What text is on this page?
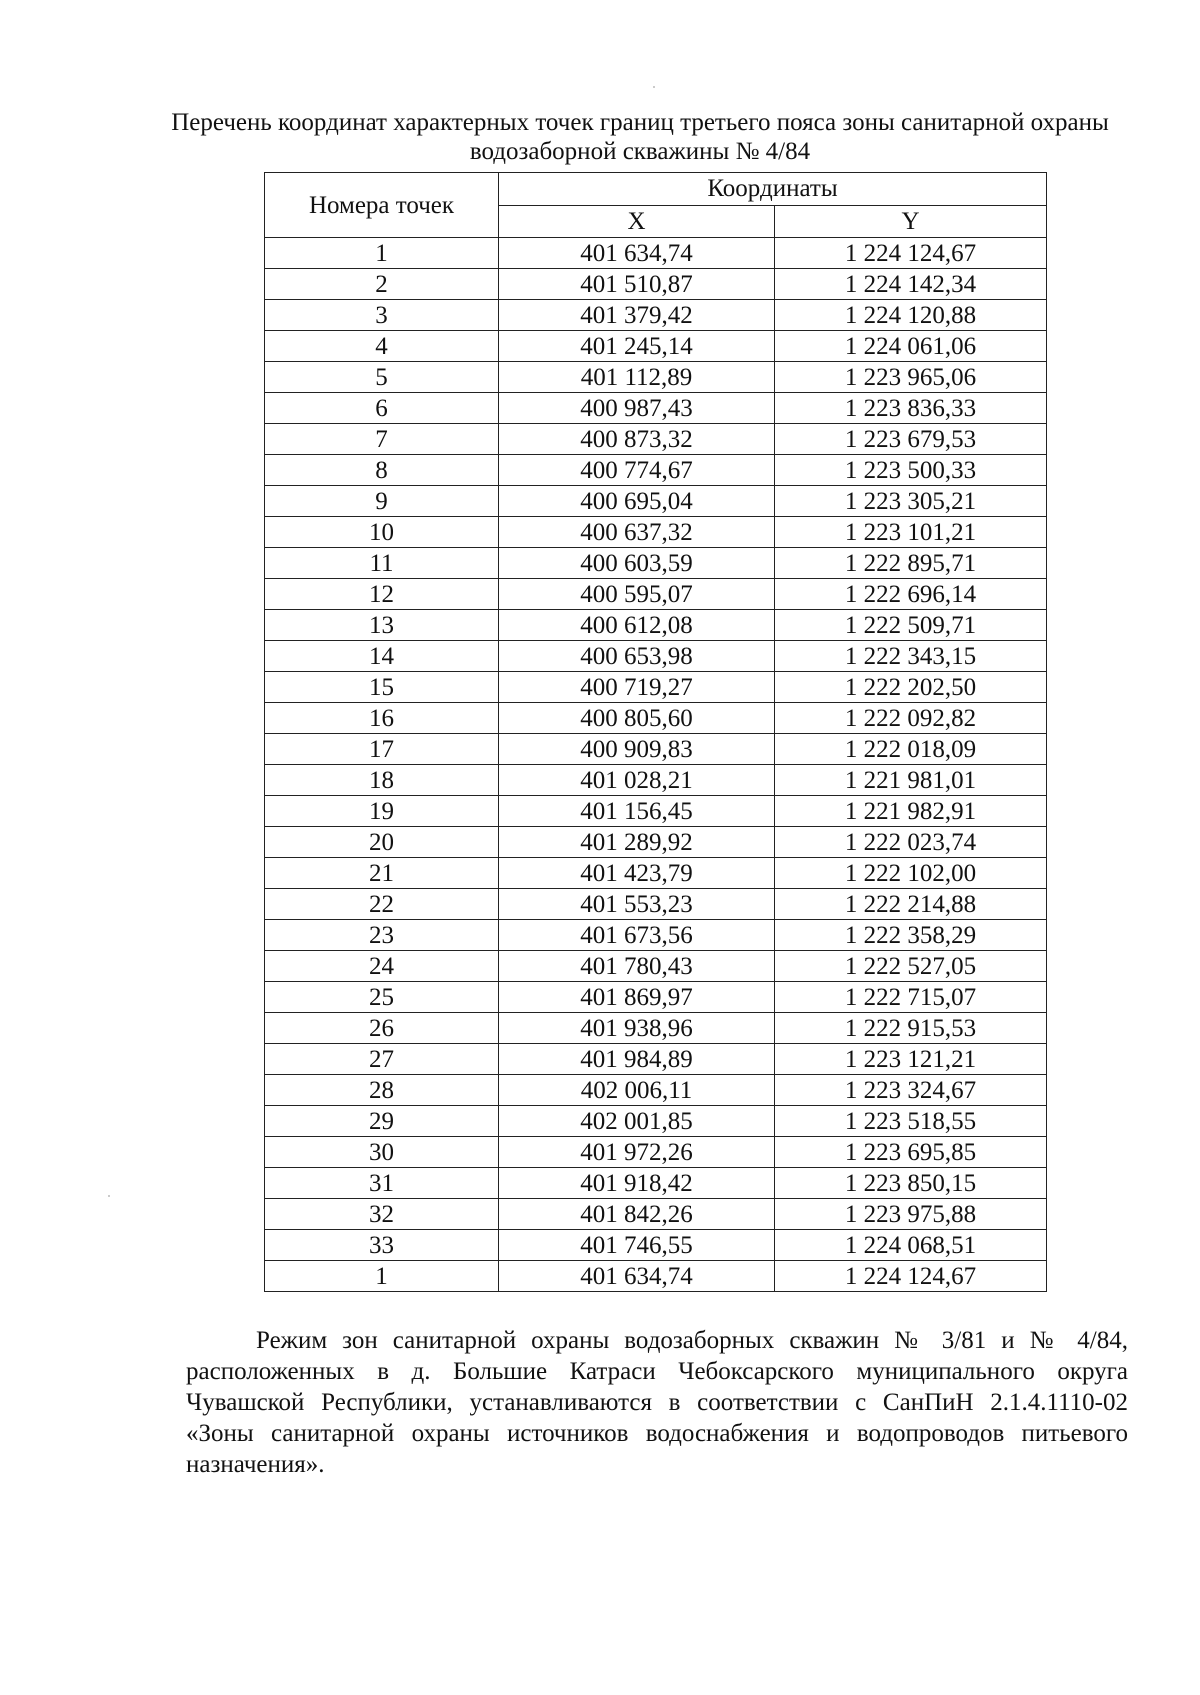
Перечень координат характерных точек границ третьего пояса зоны санитарной охраны водозаборной скважины № 4/84
Номера точек	Координаты	
	X	Y
1	401 634,74	1 224 124,67
2	401 510,87	1 224 142,34
3	401 379,42	1 224 120,88
4	401 245,14	1 224 061,06
5	401 112,89	1 223 965,06
6	400 987,43	1 223 836,33
7	400 873,32	1 223 679,53
8	400 774,67	1 223 500,33
9	400 695,04	1 223 305,21
10	400 637,32	1 223 101,21
11	400 603,59	1 222 895,71
12	400 595,07	1 222 696,14
13	400 612,08	1 222 509,71
14	400 653,98	1 222 343,15
15	400 719,27	1 222 202,50
16	400 805,60	1 222 092,82
17	400 909,83	1 222 018,09
18	401 028,21	1 221 981,01
19	401 156,45	1 221 982,91
20	401 289,92	1 222 023,74
21	401 423,79	1 222 102,00
22	401 553,23	1 222 214,88
23	401 673,56	1 222 358,29
24	401 780,43	1 222 527,05
25	401 869,97	1 222 715,07
26	401 938,96	1 222 915,53
27	401 984,89	1 223 121,21
28	402 006,11	1 223 324,67
29	402 001,85	1 223 518,55
30	401 972,26	1 223 695,85
31	401 918,42	1 223 850,15
32	401 842,26	1 223 975,88
33	401 746,55	1 224 068,51
1	401 634,74	1 224 124,67

Режим зон санитарной охраны водозаборных скважин № 3/81 и № 4/84, расположенных в д. Большие Катраси Чебоксарского муниципального округа Чувашской Республики, устанавливаются в соответствии с СанПиН 2.1.4.1110-02 «Зоны санитарной охраны источников водоснабжения и водопроводов питьевого назначения».
